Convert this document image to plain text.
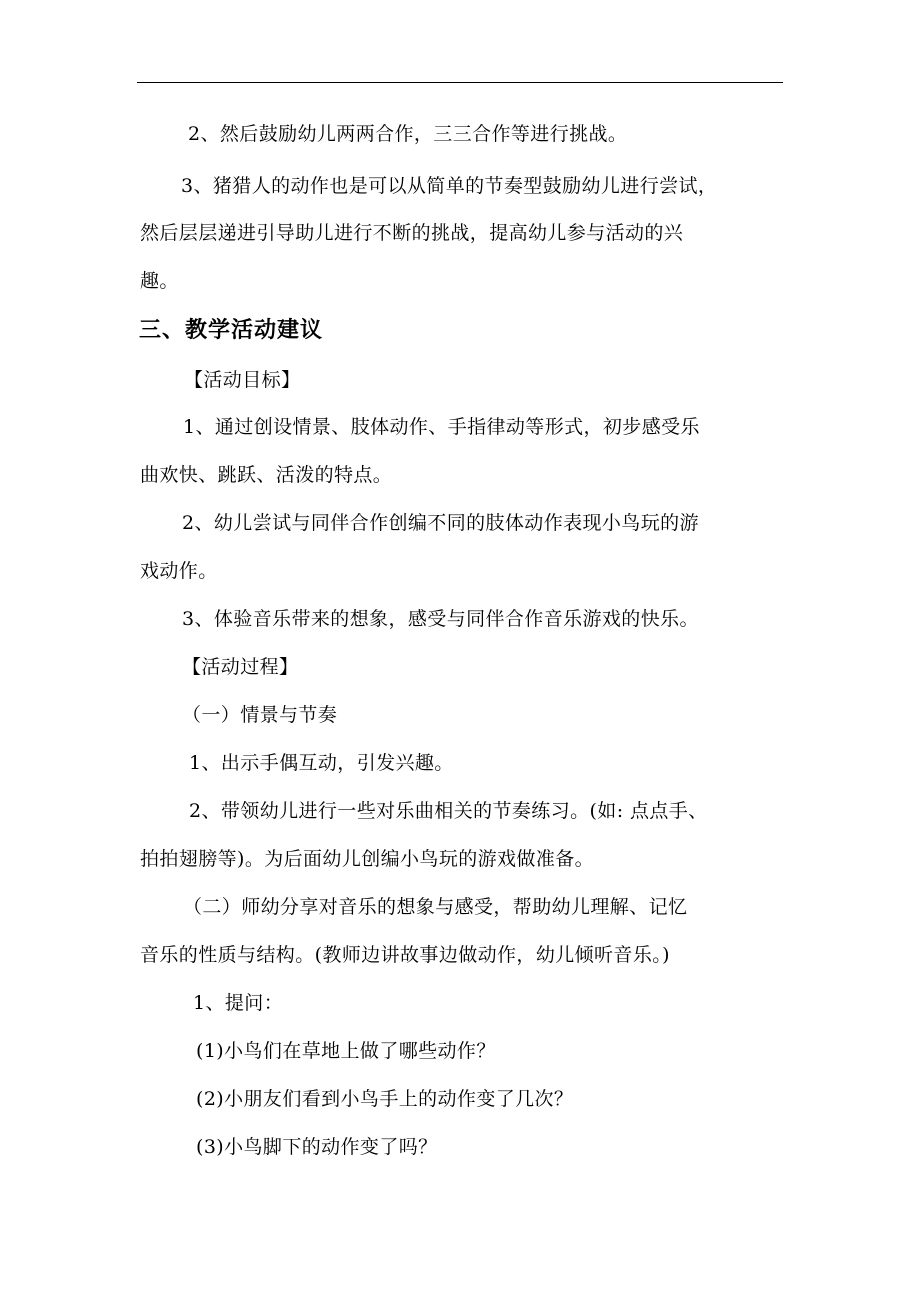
2、然后鼓励幼儿两两合作，三三合作等进行挑战。
3、猪猎人的动作也是可以从简单的节奏型鼓励幼儿进行尝试，
然后层层递进引导助儿进行不断的挑战，提高幼儿参与活动的兴
趣。
三、教学活动建议
【活动目标】
1、通过创设情景、肢体动作、手指律动等形式，初步感受乐
曲欢快、跳跃、活泼的特点。
2、幼儿尝试与同伴合作创编不同的肢体动作表现小鸟玩的游
戏动作。
3、体验音乐带来的想象，感受与同伴合作音乐游戏的快乐。
【活动过程】
（一）情景与节奏
1、出示手偶互动，引发兴趣。
2、带领幼儿进行一些对乐曲相关的节奏练习。(如: 点点手、
拍拍翅膀等)。为后面幼儿创编小鸟玩的游戏做准备。
（二）师幼分享对音乐的想象与感受，帮助幼儿理解、记忆
音乐的性质与结构。(教师边讲故事边做动作，幼儿倾听音乐。)
1、提问：
(1)小鸟们在草地上做了哪些动作？
(2)小朋友们看到小鸟手上的动作变了几次？
(3)小鸟脚下的动作变了吗？
